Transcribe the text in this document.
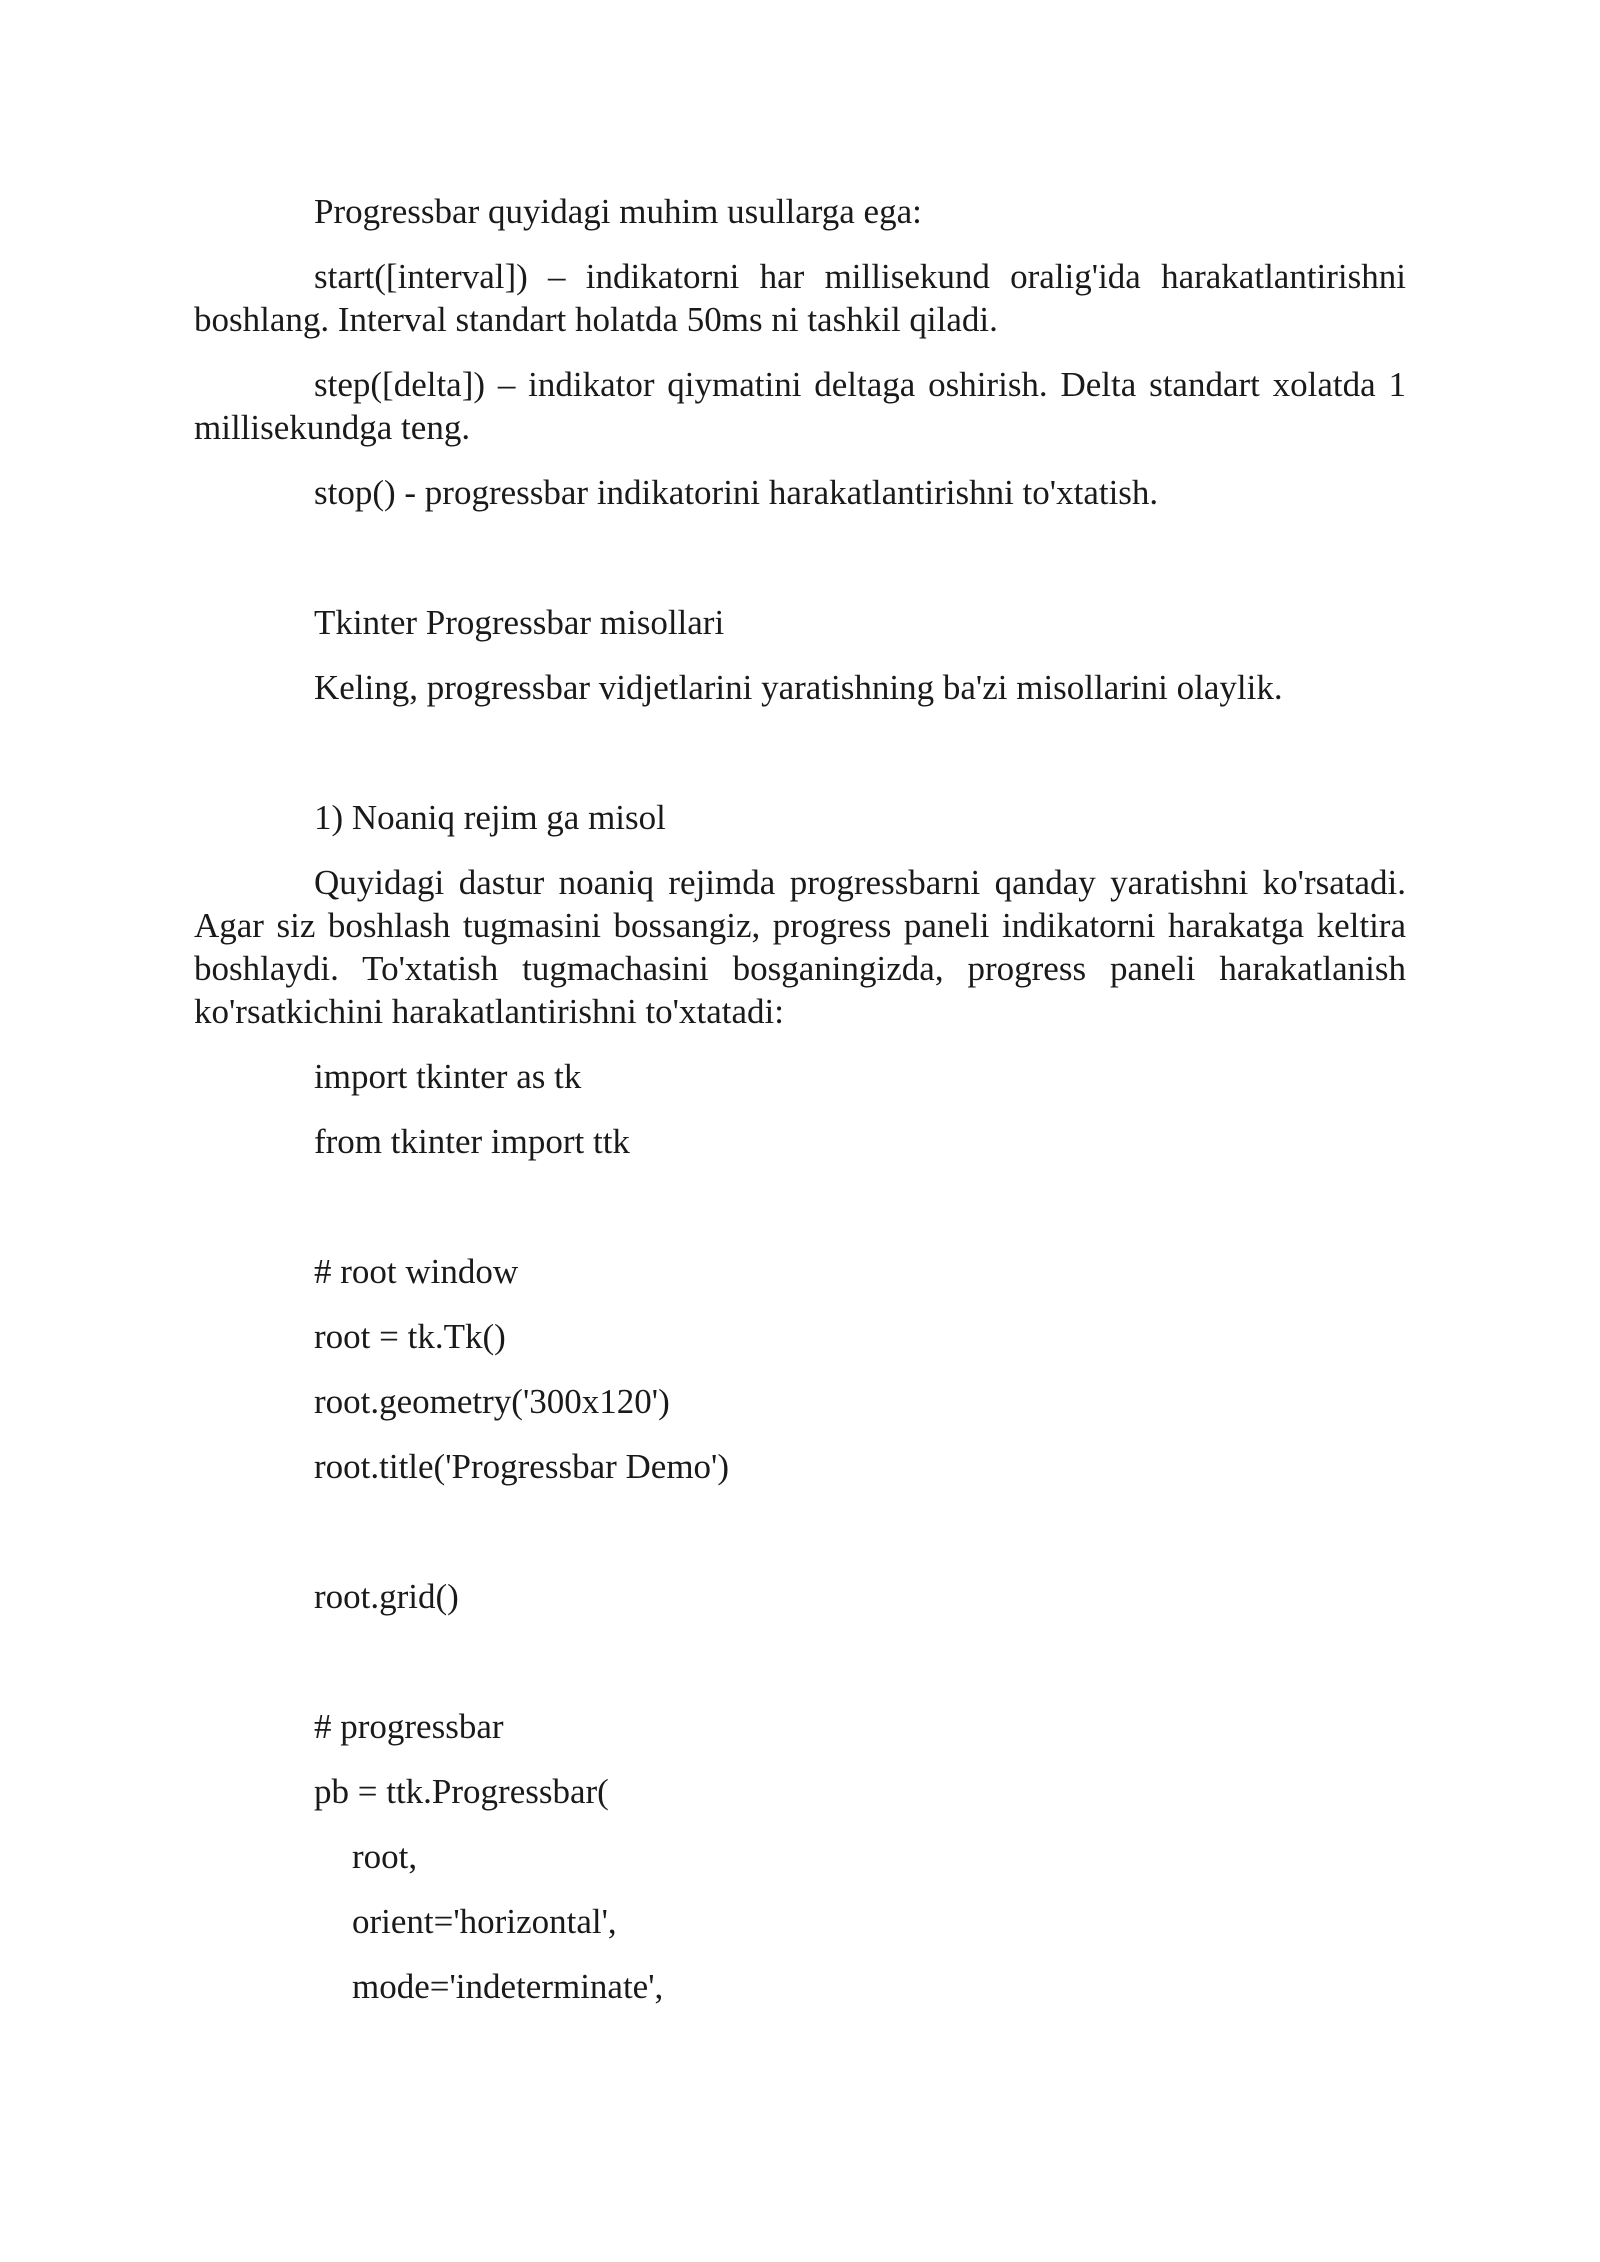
Progressbar quyidagi muhim usullarga ega:

start([interval]) – indikatorni har millisekund oralig'ida harakatlantirishni boshlang. Interval standart holatda 50ms ni tashkil qiladi.

step([delta]) – indikator qiymatini deltaga oshirish. Delta standart xolatda 1 millisekundga teng.

stop() - progressbar indikatorini harakatlantirishni to'xtatish.

Tkinter Progressbar misollari

Keling, progressbar vidjetlarini yaratishning ba'zi misollarini olaylik.

1) Noaniq rejim ga misol

Quyidagi dastur noaniq rejimda progressbarni qanday yaratishni ko'rsatadi. Agar siz boshlash tugmasini bossangiz, progress paneli indikatorni harakatga keltira boshlaydi. To'xtatish tugmachasini bosganingizda, progress paneli harakatlanish ko'rsatkichini harakatlantirishni to'xtatadi:

import tkinter as tk
from tkinter import ttk
# root window
root = tk.Tk()
root.geometry('300x120')
root.title('Progressbar Demo')
root.grid()
# progressbar
pb = ttk.Progressbar(
root,
orient='horizontal',
mode='indeterminate',
